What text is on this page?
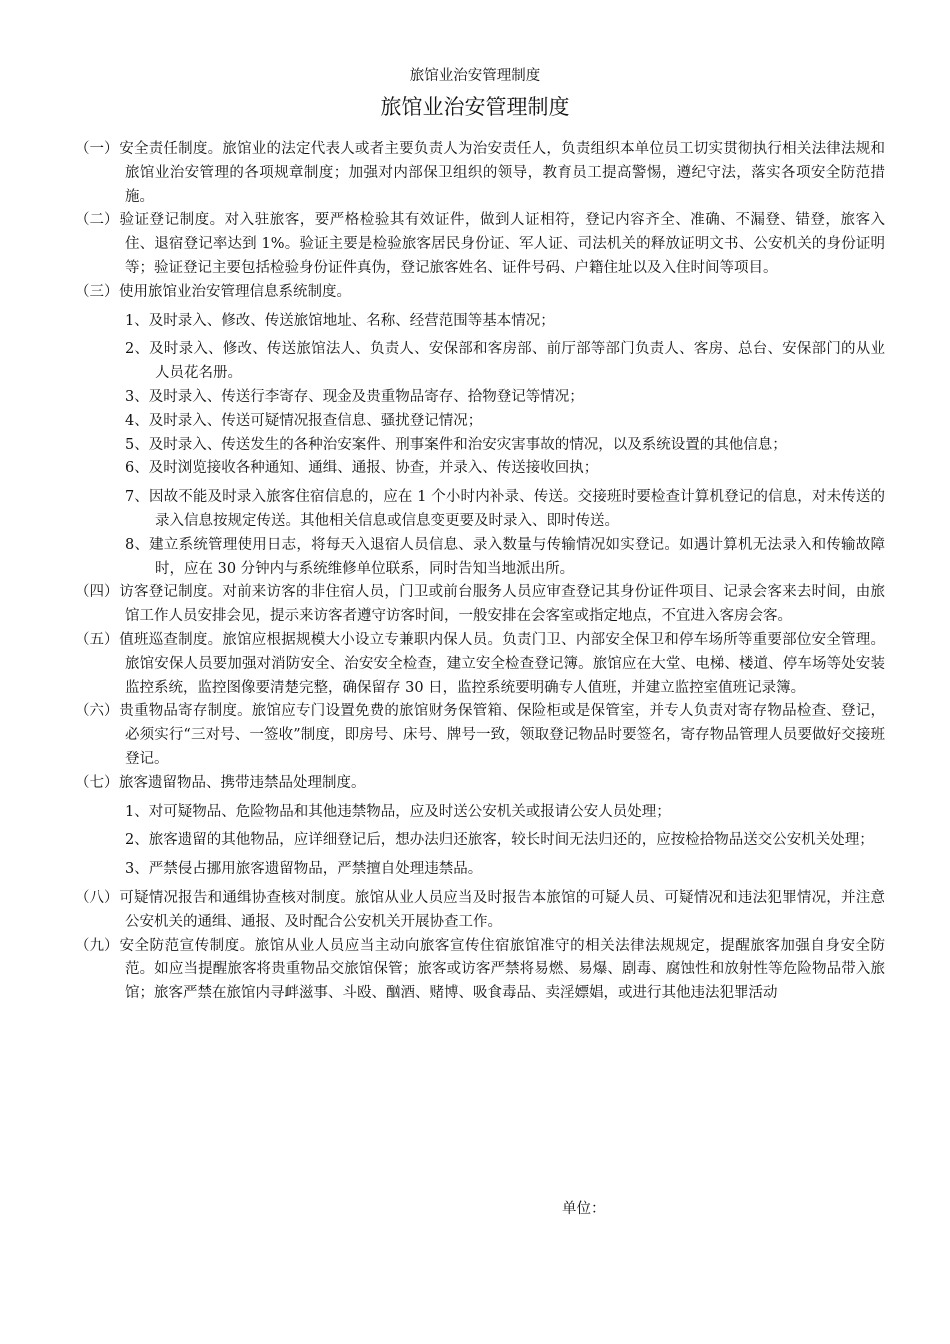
旅馆业治安管理制度
旅馆业治安管理制度
（一）安全责任制度。旅馆业的法定代表人或者主要负责人为治安责任人，负责组织本单位员工切实贯彻执行相关法律法规和旅馆业治安管理的各项规章制度；加强对内部保卫组织的领导，教育员工提高警惕，遵纪守法，落实各项安全防范措施。
（二）验证登记制度。对入驻旅客，要严格检验其有效证件，做到人证相符，登记内容齐全、准确、不漏登、错登，旅客入住、退宿登记率达到 1%。验证主要是检验旅客居民身份证、军人证、司法机关的释放证明文书、公安机关的身份证明等；验证登记主要包括检验身份证件真伪，登记旅客姓名、证件号码、户籍住址以及入住时间等项目。
（三）使用旅馆业治安管理信息系统制度。
1、及时录入、修改、传送旅馆地址、名称、经营范围等基本情况；
2、及时录入、修改、传送旅馆法人、负责人、安保部和客房部、前厅部等部门负责人、客房、总台、安保部门的从业人员花名册。
3、及时录入、传送行李寄存、现金及贵重物品寄存、拾物登记等情况；
4、及时录入、传送可疑情况报查信息、骚扰登记情况；
5、及时录入、传送发生的各种治安案件、刑事案件和治安灾害事故的情况，以及系统设置的其他信息；
6、及时浏览接收各种通知、通缉、通报、协查，并录入、传送接收回执；
7、因故不能及时录入旅客住宿信息的，应在 1 个小时内补录、传送。交接班时要检查计算机登记的信息，对未传送的录入信息按规定传送。其他相关信息或信息变更要及时录入、即时传送。
8、建立系统管理使用日志，将每天入退宿人员信息、录入数量与传输情况如实登记。如遇计算机无法录入和传输故障时，应在 30 分钟内与系统维修单位联系，同时告知当地派出所。
（四）访客登记制度。对前来访客的非住宿人员，门卫或前台服务人员应审查登记其身份证件项目、记录会客来去时间，由旅馆工作人员安排会见，提示来访客者遵守访客时间，一般安排在会客室或指定地点，不宜进入客房会客。
（五）值班巡查制度。旅馆应根据规模大小设立专兼职内保人员。负责门卫、内部安全保卫和停车场所等重要部位安全管理。旅馆安保人员要加强对消防安全、治安安全检查，建立安全检查登记簿。旅馆应在大堂、电梯、楼道、停车场等处安装监控系统，监控图像要清楚完整，确保留存 30 日，监控系统要明确专人值班，并建立监控室值班记录簿。
（六）贵重物品寄存制度。旅馆应专门设置免费的旅馆财务保管箱、保险柜或是保管室，并专人负责对寄存物品检查、登记，必须实行“三对号、一签收”制度，即房号、床号、牌号一致，领取登记物品时要签名，寄存物品管理人员要做好交接班登记。
（七）旅客遗留物品、携带违禁品处理制度。
1、对可疑物品、危险物品和其他违禁物品，应及时送公安机关或报请公安人员处理；
2、旅客遗留的其他物品，应详细登记后，想办法归还旅客，较长时间无法归还的，应按检拾物品送交公安机关处理；
3、严禁侵占挪用旅客遗留物品，严禁擅自处理违禁品。
（八）可疑情况报告和通缉协查核对制度。旅馆从业人员应当及时报告本旅馆的可疑人员、可疑情况和违法犯罪情况，并注意公安机关的通缉、通报、及时配合公安机关开展协查工作。
（九）安全防范宣传制度。旅馆从业人员应当主动向旅客宣传住宿旅馆准守的相关法律法规规定，提醒旅客加强自身安全防范。如应当提醒旅客将贵重物品交旅馆保管；旅客或访客严禁将易燃、易爆、剧毒、腐蚀性和放射性等危险物品带入旅馆；旅客严禁在旅馆内寻衅滋事、斗殴、酗酒、赌博、吸食毒品、卖淫嫖娼，或进行其他违法犯罪活动
单位：
